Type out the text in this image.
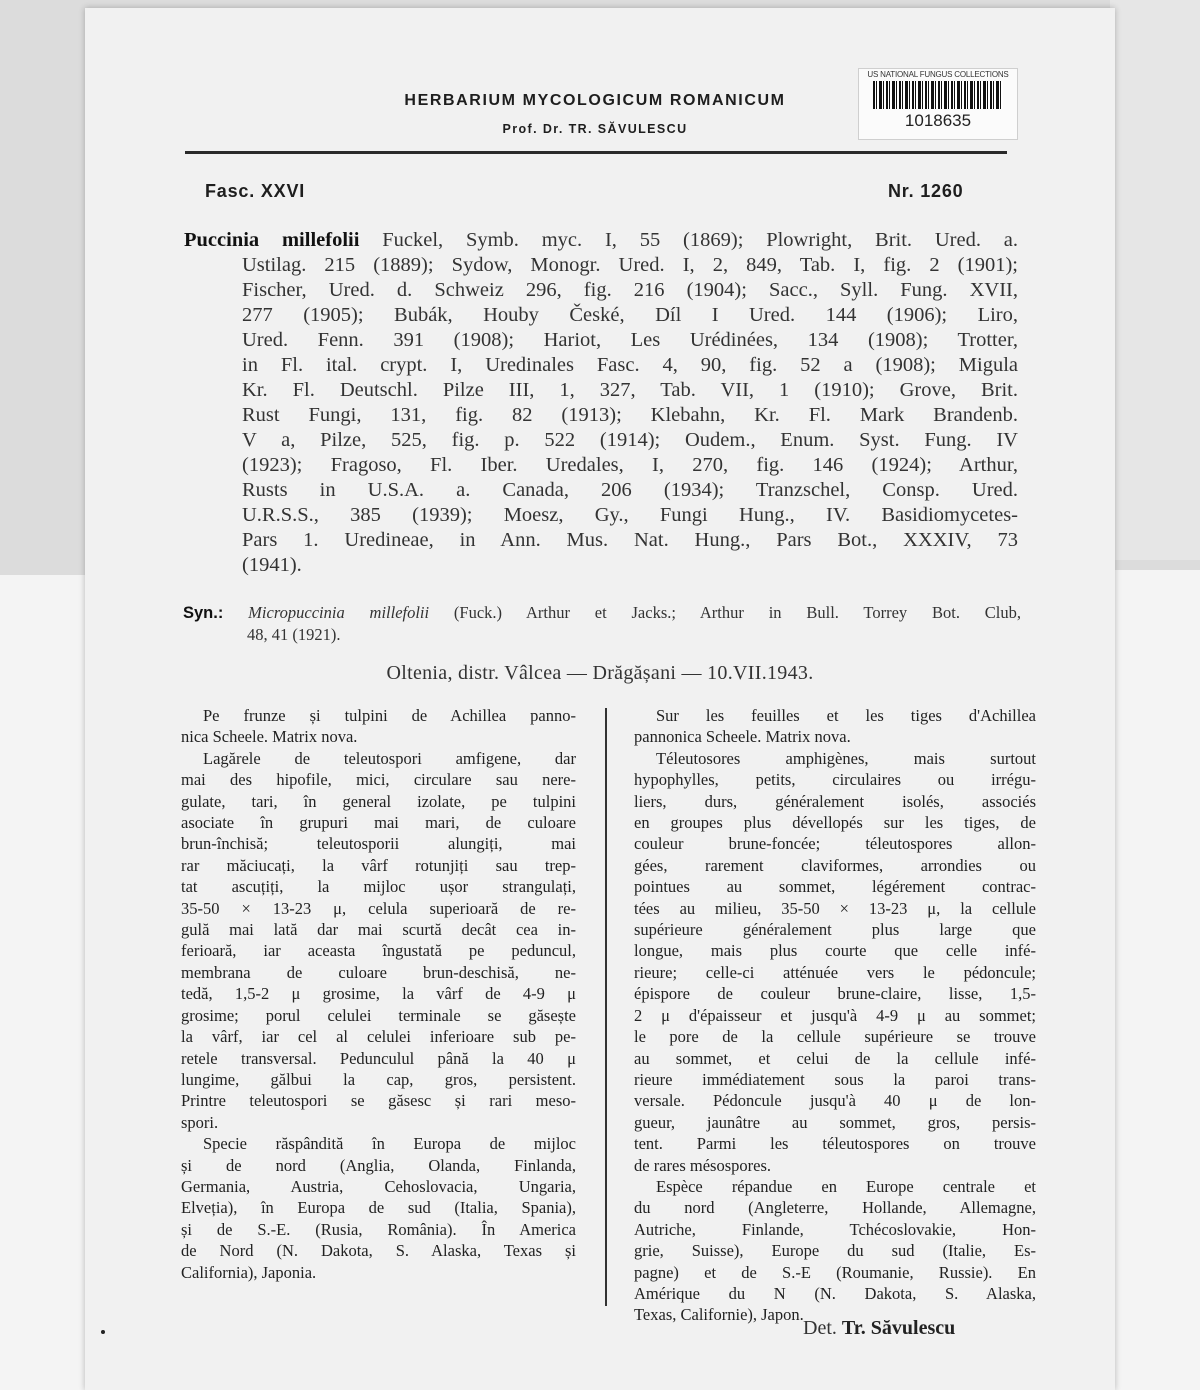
US NATIONAL FUNGUS COLLECTIONS
1018635
HERBARIUM MYCOLOGICUM ROMANICUM
Prof. Dr. TR. SĂVULESCU
Fasc. XXVI	Nr. 1260
Puccinia millefolii Fuckel, Symb. myc. I, 55 (1869); Plowright, Brit. Ured. a.
Ustilag. 215 (1889); Sydow, Monogr. Ured. I, 2, 849, Tab. I, fig. 2 (1901);
Fischer, Ured. d. Schweiz 296, fig. 216 (1904); Sacc., Syll. Fung. XVII,
277 (1905); Bubák, Houby České, Díl I Ured. 144 (1906); Liro,
Ured. Fenn. 391 (1908); Hariot, Les Urédinées, 134 (1908); Trotter,
in Fl. ital. crypt. I, Uredinales Fasc. 4, 90, fig. 52 a (1908); Migula
Kr. Fl. Deutschl. Pilze III, 1, 327, Tab. VII, 1 (1910); Grove, Brit.
Rust Fungi, 131, fig. 82 (1913); Klebahn, Kr. Fl. Mark Brandenb.
V a, Pilze, 525, fig. p. 522 (1914); Oudem., Enum. Syst. Fung. IV
(1923); Fragoso, Fl. Iber. Uredales, I, 270, fig. 146 (1924); Arthur,
Rusts in U.S.A. a. Canada, 206 (1934); Tranzschel, Consp. Ured.
U.R.S.S., 385 (1939); Moesz, Gy., Fungi Hung., IV. Basidiomycetes-
Pars 1. Uredineae, in Ann. Mus. Nat. Hung., Pars Bot., XXXIV, 73
(1941).
Syn.: Micropuccinia millefolii (Fuck.) Arthur et Jacks.; Arthur in Bull. Torrey Bot. Club,
48, 41 (1921).
Oltenia, distr. Vâlcea — Drăgășani — 10.VII.1943.
Pe frunze și tulpini de Achillea panno-
nica Scheele. Matrix nova.
Lagărele de teleutospori amfigene, dar
mai des hipofile, mici, circulare sau nere-
gulate, tari, în general izolate, pe tulpini
asociate în grupuri mai mari, de culoare
brun-închisă; teleutosporii alungiți, mai
rar măciucați, la vârf rotunjiți sau trep-
tat ascuțiți, la mijloc ușor strangulați,
35-50 × 13-23 μ, celula superioară de re-
gulă mai lată dar mai scurtă decât cea in-
ferioară, iar aceasta îngustată pe peduncul,
membrana de culoare brun-deschisă, ne-
tedă, 1,5-2 μ grosime, la vârf de 4-9 μ
grosime; porul celulei terminale se găsește
la vârf, iar cel al celulei inferioare sub pe-
retele transversal. Pedunculul până la 40 μ
lungime, gălbui la cap, gros, persistent.
Printre teleutospori se găsesc și rari meso-
spori.
Specie răspândită în Europa de mijloc
și de nord (Anglia, Olanda, Finlanda,
Germania, Austria, Cehoslovacia, Ungaria,
Elveția), în Europa de sud (Italia, Spania),
și de S.-E. (Rusia, România). În America
de Nord (N. Dakota, S. Alaska, Texas și
California), Japonia.
Sur les feuilles et les tiges d'Achillea
pannonica Scheele. Matrix nova.
Téleutosores amphigènes, mais surtout
hypophylles, petits, circulaires ou irrégu-
liers, durs, généralement isolés, associés
en groupes plus dévellopés sur les tiges, de
couleur brune-foncée; téleutospores allon-
gées, rarement claviformes, arrondies ou
pointues au sommet, légérement contrac-
tées au milieu, 35-50 × 13-23 μ, la cellule
supérieure généralement plus large que
longue, mais plus courte que celle infé-
rieure; celle-ci atténuée vers le pédoncule;
épispore de couleur brune-claire, lisse, 1,5-
2 μ d'épaisseur et jusqu'à 4-9 μ au sommet;
le pore de la cellule supérieure se trouve
au sommet, et celui de la cellule infé-
rieure immédiatement sous la paroi trans-
versale. Pédoncule jusqu'à 40 μ de lon-
gueur, jaunâtre au sommet, gros, persis-
tent. Parmi les téleutospores on trouve
de rares mésospores.
Espèce répandue en Europe centrale et
du nord (Angleterre, Hollande, Allemagne,
Autriche, Finlande, Tchécoslovakie, Hon-
grie, Suisse), Europe du sud (Italie, Es-
pagne) et de S.-E (Roumanie, Russie). En
Amérique du N (N. Dakota, S. Alaska,
Texas, Californie), Japon.
Det. Tr. Săvulescu
